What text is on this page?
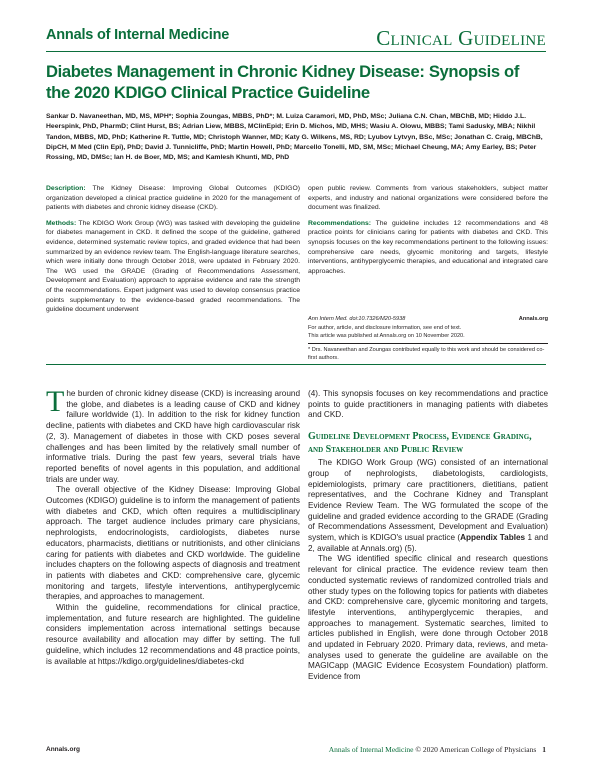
Annals of Internal Medicine	Clinical Guideline
Diabetes Management in Chronic Kidney Disease: Synopsis of the 2020 KDIGO Clinical Practice Guideline
Sankar D. Navaneethan, MD, MS, MPH*; Sophia Zoungas, MBBS, PhD*; M. Luiza Caramori, MD, PhD, MSc; Juliana C.N. Chan, MBChB, MD; Hiddo J.L. Heerspink, PhD, PharmD; Clint Hurst, BS; Adrian Liew, MBBS, MClinEpid; Erin D. Michos, MD, MHS; Wasiu A. Olowu, MBBS; Tami Sadusky, MBA; Nikhil Tandon, MBBS, MD, PhD; Katherine R. Tuttle, MD; Christoph Wanner, MD; Katy G. Wilkens, MS, RD; Lyubov Lytvyn, BSc, MSc; Jonathan C. Craig, MBChB, DipCH, M Med (Clin Epi), PhD; David J. Tunnicliffe, PhD; Martin Howell, PhD; Marcello Tonelli, MD, SM, MSc; Michael Cheung, MA; Amy Earley, BS; Peter Rossing, MD, DMSc; Ian H. de Boer, MD, MS; and Kamlesh Khunti, MD, PhD

Description: The Kidney Disease: Improving Global Outcomes (KDIGO) organization developed a clinical practice guideline in 2020 for the management of patients with diabetes and chronic kidney disease (CKD).

Methods: The KDIGO Work Group (WG) was tasked with developing the guideline for diabetes management in CKD. It defined the scope of the guideline, gathered evidence, determined systematic review topics, and graded evidence that had been summarized by an evidence review team. The English-language literature searches, which were initially done through October 2018, were updated in February 2020. The WG used the GRADE (Grading of Recommendations Assessment, Development and Evaluation) approach to appraise evidence and rate the strength of the recommendations. Expert judgment was used to develop consensus practice points supplementary to the evidence-based graded recommendations. The guideline document underwent

open public review. Comments from various stakeholders, subject matter experts, and industry and national organizations were considered before the document was finalized.

Recommendations: The guideline includes 12 recommendations and 48 practice points for clinicians caring for patients with diabetes and CKD. This synopsis focuses on the key recommendations pertinent to the following issues: comprehensive care needs, glycemic monitoring and targets, lifestyle interventions, antihyperglycemic therapies, and educational and integrated care approaches.

Ann Intern Med. doi:10.7326/M20-5938	Annals.org
For author, article, and disclosure information, see end of text.
This article was published at Annals.org on 10 November 2020.
* Drs. Navaneethan and Zoungas contributed equally to this work and should be considered co-first authors.

The burden of chronic kidney disease (CKD) is increasing around the globe, and diabetes is a leading cause of CKD and kidney failure worldwide (1). In addition to the risk for kidney function decline, patients with diabetes and CKD have high cardiovascular risk (2, 3). Management of diabetes in those with CKD poses several challenges and has been limited by the relatively small number of informative trials. During the past few years, several trials have reported benefits of novel agents in this population, and additional trials are under way.

The overall objective of the Kidney Disease: Improving Global Outcomes (KDIGO) guideline is to inform the management of patients with diabetes and CKD, which often requires a multidisciplinary approach. The target audience includes primary care physicians, nephrologists, endocrinologists, cardiologists, diabetes nurse educators, pharmacists, dietitians or nutritionists, and other clinicians caring for patients with diabetes and CKD worldwide. The guideline includes chapters on the following aspects of diagnosis and treatment in patients with diabetes and CKD: comprehensive care, glycemic monitoring and targets, lifestyle interventions, antihyperglycemic therapies, and approaches to management.

Within the guideline, recommendations for clinical practice, implementation, and future research are highlighted. The guideline considers implementation across international settings because resource availability and allocation may differ by setting. The full guideline, which includes 12 recommendations and 48 practice points, is available at https://kdigo.org/guidelines/diabetes-ckd

(4). This synopsis focuses on key recommendations and practice points to guide practitioners in managing patients with diabetes and CKD.

Guideline Development Process, Evidence Grading, and Stakeholder and Public Review

The KDIGO Work Group (WG) consisted of an international group of nephrologists, diabetologists, cardiologists, epidemiologists, primary care practitioners, dietitians, patient representatives, and the Cochrane Kidney and Transplant Evidence Review Team. The WG formulated the scope of the guideline and graded evidence according to the GRADE (Grading of Recommendations Assessment, Development and Evaluation) system, which is KDIGO's usual practice (Appendix Tables 1 and 2, available at Annals.org) (5).

The WG identified specific clinical and research questions relevant for clinical practice. The evidence review team then conducted systematic reviews of randomized controlled trials and other study types on the following topics for patients with diabetes and CKD: comprehensive care, glycemic monitoring and targets, lifestyle interventions, antihyperglycemic therapies, and approaches to management. Systematic searches, limited to articles published in English, were done through October 2018 and updated in February 2020. Primary data, reviews, and meta-analyses used to generate the guideline are available on the MAGICapp (MAGIC Evidence Ecosystem Foundation) platform. Evidence from

Annals.org	Annals of Internal Medicine © 2020 American College of Physicians 1
